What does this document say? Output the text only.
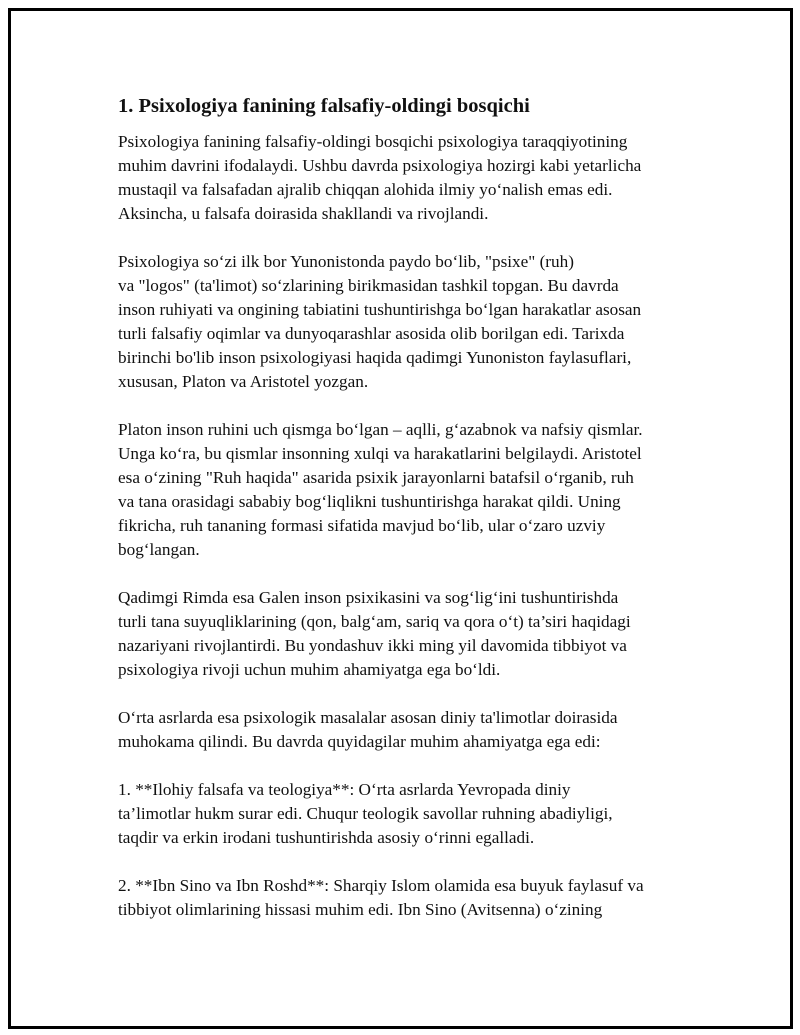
1. Psixologiya fanining falsafiy-oldingi bosqichi

Psixologiya fanining falsafiy-oldingi bosqichi psixologiya taraqqiyotining
muhim davrini ifodalaydi. Ushbu davrda psixologiya hozirgi kabi yetarlicha
mustaqil va falsafadan ajralib chiqqan alohida ilmiy yo‘nalish emas edi.
Aksincha, u falsafa doirasida shakllandi va rivojlandi.

Psixologiya so‘zi ilk bor Yunonistonda paydo bo‘lib, "psixe" (ruh)
va "logos" (ta'limot) so‘zlarining birikmasidan tashkil topgan. Bu davrda
inson ruhiyati va ongining tabiatini tushuntirishga bo‘lgan harakatlar asosan
turli falsafiy oqimlar va dunyoqarashlar asosida olib borilgan edi. Tarixda
birinchi bo'lib inson psixologiyasi haqida qadimgi Yunoniston faylasuflari,
xususan, Platon va Aristotel yozgan.

Platon inson ruhini uch qismga bo‘lgan – aqlli, g‘azabnok va nafsiy qismlar.
Unga ko‘ra, bu qismlar insonning xulqi va harakatlarini belgilaydi. Aristotel
esa o‘zining "Ruh haqida" asarida psixik jarayonlarni batafsil o‘rganib, ruh
va tana orasidagi sababiy bog‘liqlikni tushuntirishga harakat qildi. Uning
fikricha, ruh tananing formasi sifatida mavjud bo‘lib, ular o‘zaro uzviy
bog‘langan.

Qadimgi Rimda esa Galen inson psixikasini va sog‘lig‘ini tushuntirishda
turli tana suyuqliklarining (qon, balg‘am, sariq va qora o‘t) ta’siri haqidagi
nazariyani rivojlantirdi. Bu yondashuv ikki ming yil davomida tibbiyot va
psixologiya rivoji uchun muhim ahamiyatga ega bo‘ldi.

O‘rta asrlarda esa psixologik masalalar asosan diniy ta'limotlar doirasida
muhokama qilindi. Bu davrda quyidagilar muhim ahamiyatga ega edi:

1. **Ilohiy falsafa va teologiya**: O‘rta asrlarda Yevropada diniy
ta’limotlar hukm surar edi. Chuqur teologik savollar ruhning abadiyligi,
taqdir va erkin irodani tushuntirishda asosiy o‘rinni egalladi.

2. **Ibn Sino va Ibn Roshd**: Sharqiy Islom olamida esa buyuk faylasuf va
tibbiyot olimlarining hissasi muhim edi. Ibn Sino (Avitsenna) o‘zining
